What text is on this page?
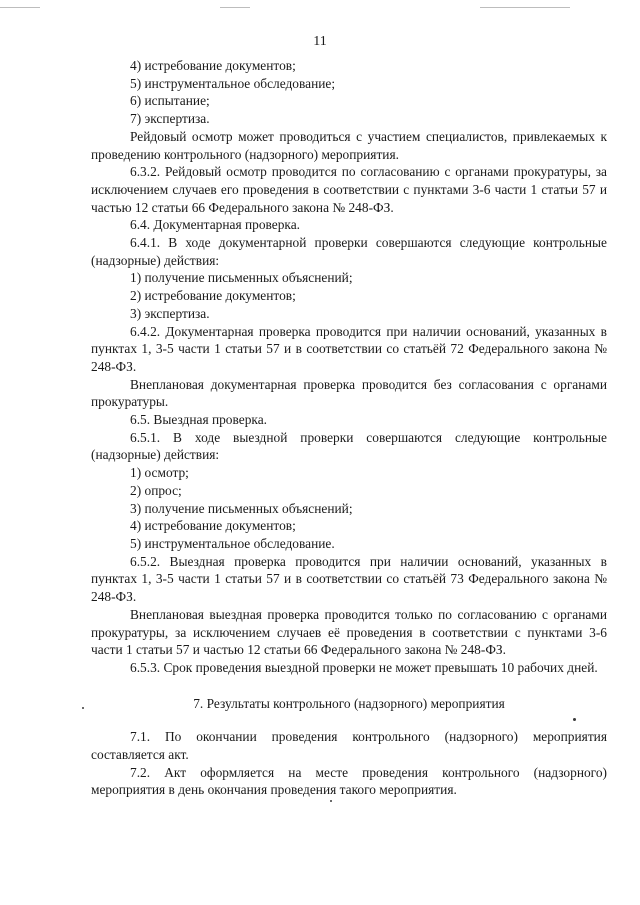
11

4) истребование документов;

5) инструментальное обследование;

6) испытание;

7) экспертиза.

Рейдовый осмотр может проводиться с участием специалистов, привлекаемых к проведению контрольного (надзорного) мероприятия.

6.3.2. Рейдовый осмотр проводится по согласованию с органами прокуратуры, за исключением случаев его проведения в соответствии с пунктами 3-6 части 1 статьи 57 и частью 12 статьи 66 Федерального закона № 248-ФЗ.

6.4. Документарная проверка.

6.4.1. В ходе документарной проверки совершаются следующие контрольные (надзорные) действия:

1) получение письменных объяснений;

2) истребование документов;

3) экспертиза.

6.4.2. Документарная проверка проводится при наличии оснований, указанных в пунктах 1, 3-5 части 1 статьи 57 и в соответствии со статьёй 72 Федерального закона № 248-ФЗ.

Внеплановая документарная проверка проводится без согласования с органами прокуратуры.

6.5. Выездная проверка.

6.5.1. В ходе выездной проверки совершаются следующие контрольные (надзорные) действия:

1) осмотр;

2) опрос;

3) получение письменных объяснений;

4) истребование документов;

5) инструментальное обследование.

6.5.2. Выездная проверка проводится при наличии оснований, указанных в пунктах 1, 3-5 части 1 статьи 57 и в соответствии со статьёй 73 Федерального закона № 248-ФЗ.

Внеплановая выездная проверка проводится только по согласованию с органами прокуратуры, за исключением случаев её проведения в соответствии с пунктами 3-6 части 1 статьи 57 и частью 12 статьи 66 Федерального закона № 248-ФЗ.

6.5.3. Срок проведения выездной проверки не может превышать 10 рабочих дней.

7. Результаты контрольного (надзорного) мероприятия

7.1. По окончании проведения контрольного (надзорного) мероприятия составляется акт.

7.2. Акт оформляется на месте проведения контрольного (надзорного) мероприятия в день окончания проведения такого мероприятия.
